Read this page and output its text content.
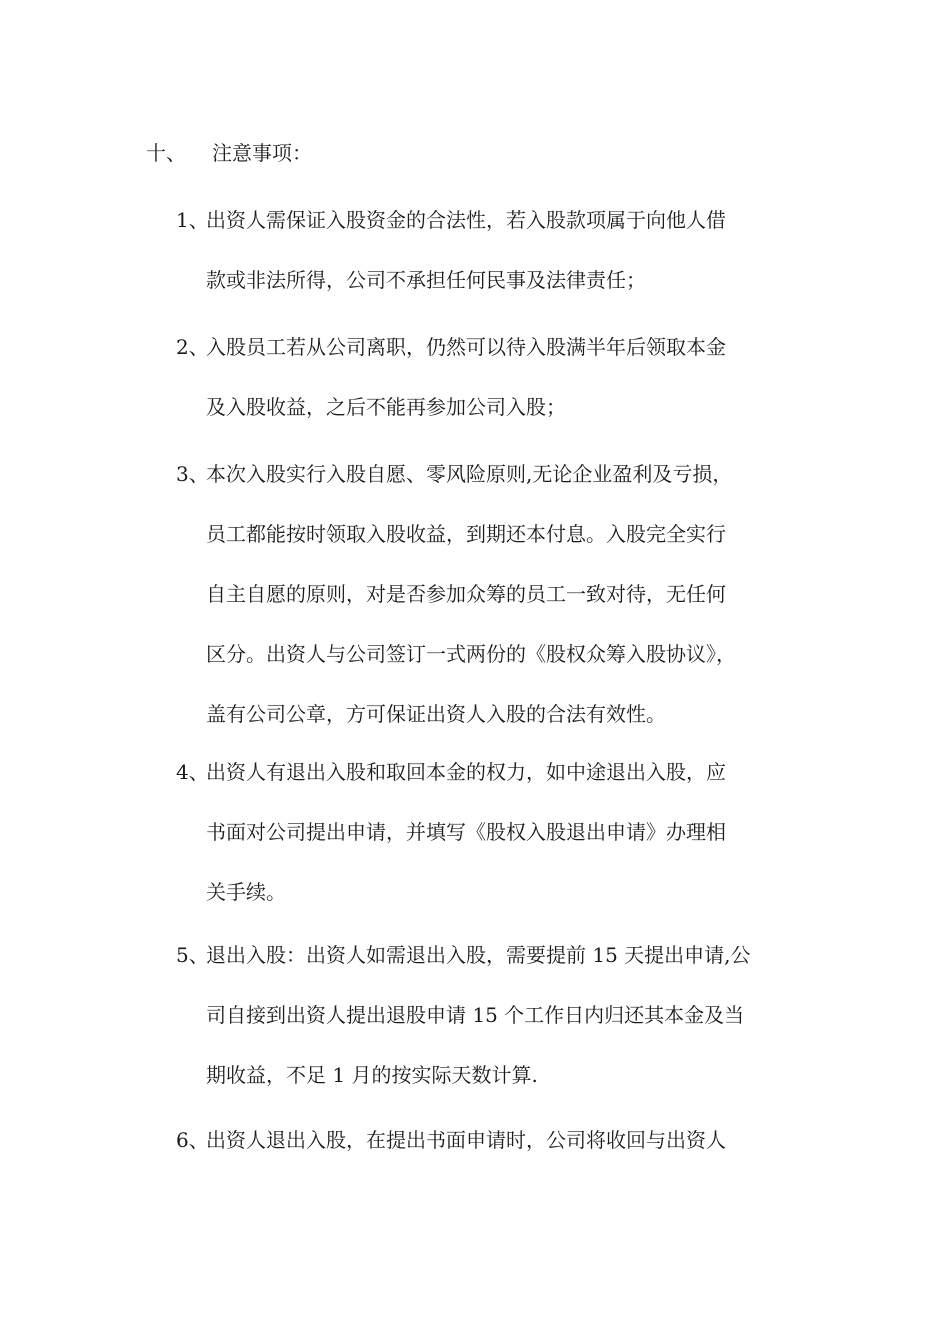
十、 注意事项：
1、
出资人需保证入股资金的合法性，若入股款项属于向他人借
款或非法所得，公司不承担任何民事及法律责任；
2、
入股员工若从公司离职，仍然可以待入股满半年后领取本金
及入股收益，之后不能再参加公司入股；
3、
本次入股实行入股自愿、零风险原则,无论企业盈利及亏损，
员工都能按时领取入股收益，到期还本付息。入股完全实行
自主自愿的原则，对是否参加众筹的员工一致对待，无任何
区分。出资人与公司签订一式两份的《股权众筹入股协议》，
盖有公司公章，方可保证出资人入股的合法有效性。
4、
出资人有退出入股和取回本金的权力，如中途退出入股，应
书面对公司提出申请，并填写《股权入股退出申请》办理相
关手续。
5、
退出入股：出资人如需退出入股，需要提前 15 天提出申请,公
司自接到出资人提出退股申请 15 个工作日内归还其本金及当
期收益，不足 1 月的按实际天数计算.
6、
出资人退出入股，在提出书面申请时，公司将收回与出资人
